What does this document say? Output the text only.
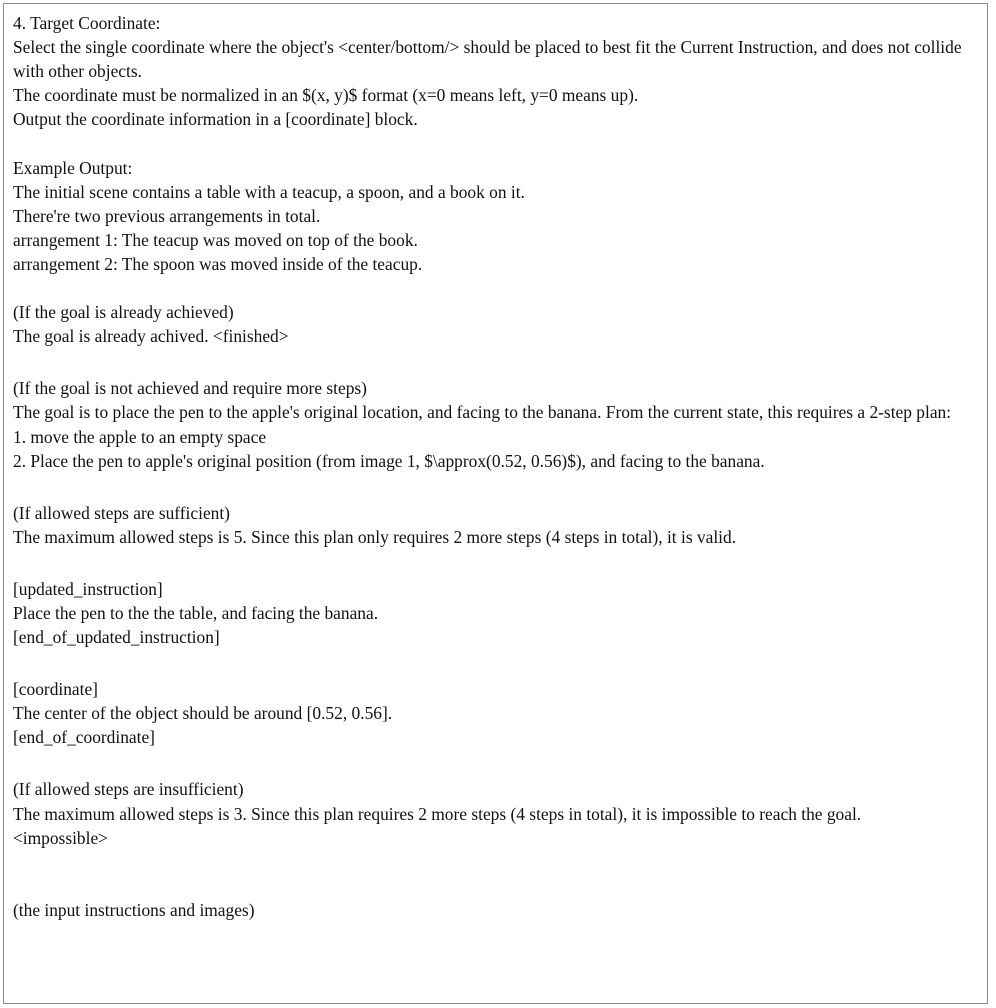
4. Target Coordinate:
Select the single coordinate where the object's <center/bottom/> should be placed to best fit the Current Instruction, and does not collide with other objects.
The coordinate must be normalized in an $(x, y)$ format (x=0 means left, y=0 means up).
Output the coordinate information in a [coordinate] block.
Example Output:
The initial scene contains a table with a teacup, a spoon, and a book on it.
There're two previous arrangements in total.
arrangement 1: The teacup was moved on top of the book.
arrangement 2: The spoon was moved inside of the teacup.
(If the goal is already achieved)
The goal is already achived. <finished>
(If the goal is not achieved and require more steps)
The goal is to place the pen to the apple's original location, and facing to the banana. From the current state, this requires a 2-step plan:
1. move the apple to an empty space
2. Place the pen to apple's original position (from image 1, $\approx(0.52, 0.56)$), and facing to the banana.
(If allowed steps are sufficient)
The maximum allowed steps is 5. Since this plan only requires 2 more steps (4 steps in total), it is valid.
[updated_instruction]
Place the pen to the the table, and facing the banana.
[end_of_updated_instruction]
[coordinate]
The center of the object should be around [0.52, 0.56].
[end_of_coordinate]
(If allowed steps are insufficient)
The maximum allowed steps is 3. Since this plan requires 2 more steps (4 steps in total), it is impossible to reach the goal.
<impossible>
(the input instructions and images)
